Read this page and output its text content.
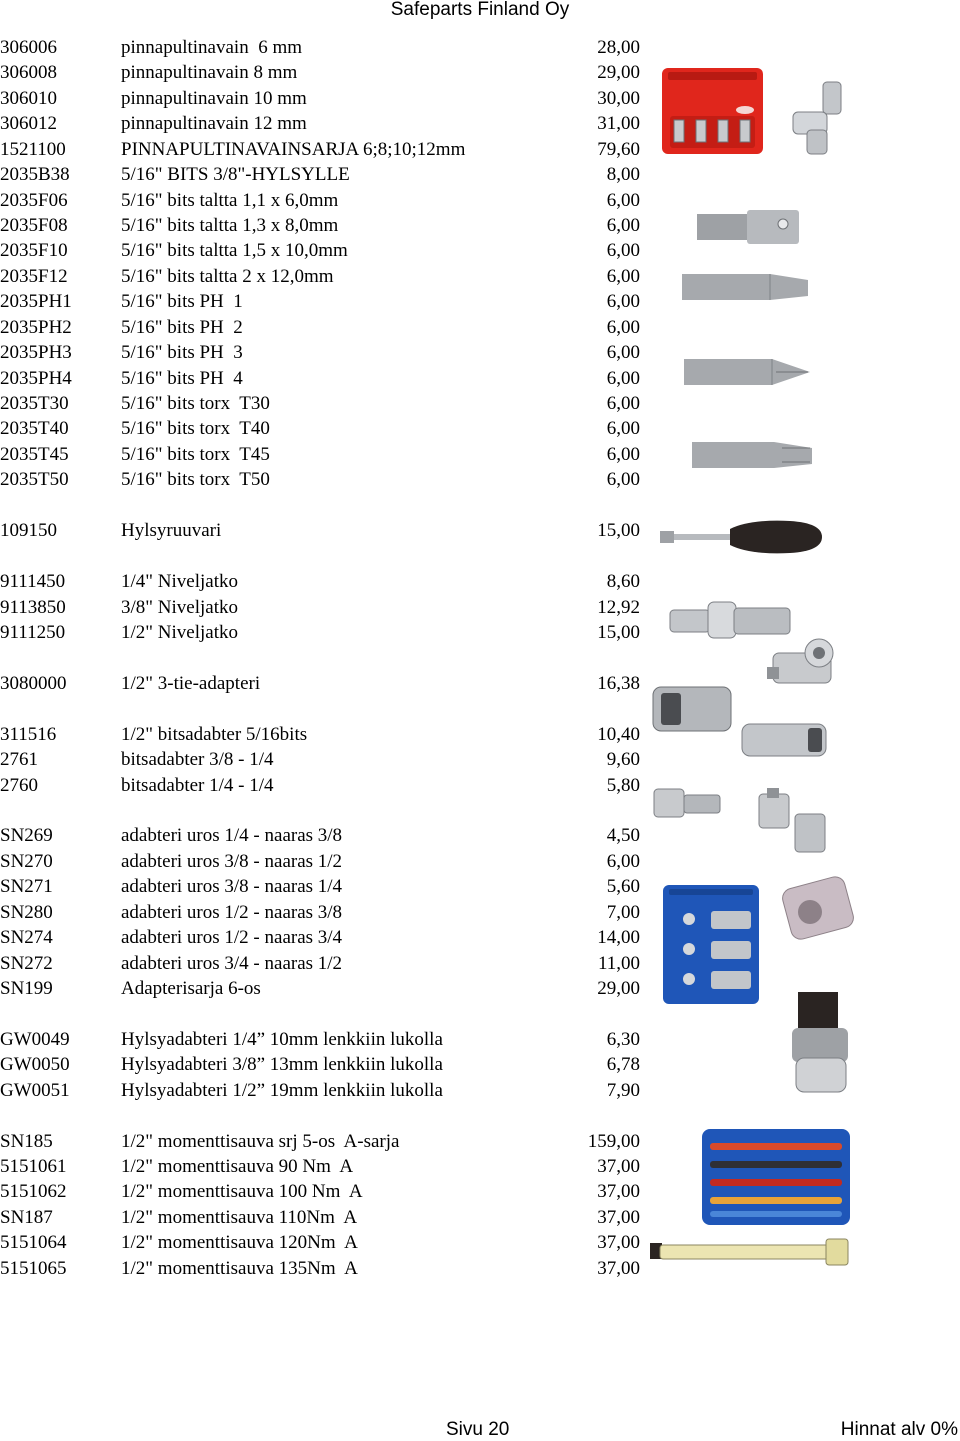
Safeparts Finland Oy
306006	pinnapultinavain  6 mm	28,00
306008	pinnapultinavain 8 mm	29,00
306010	pinnapultinavain 10 mm	30,00
306012	pinnapultinavain 12 mm	31,00
1521100	PINNAPULTINAVAINSARJA 6;8;10;12mm	79,60
2035B38	5/16" BITS 3/8"-HYLSYLLE	8,00
2035F06	5/16" bits taltta 1,1 x 6,0mm	6,00
2035F08	5/16" bits taltta 1,3 x 8,0mm	6,00
2035F10	5/16" bits taltta 1,5 x 10,0mm	6,00
2035F12	5/16" bits taltta 2 x 12,0mm	6,00
2035PH1	5/16" bits PH  1	6,00
2035PH2	5/16" bits PH  2	6,00
2035PH3	5/16" bits PH  3	6,00
2035PH4	5/16" bits PH  4	6,00
2035T30	5/16" bits torx  T30	6,00
2035T40	5/16" bits torx  T40	6,00
2035T45	5/16" bits torx  T45	6,00
2035T50	5/16" bits torx  T50	6,00
109150	Hylsyruuvari	15,00
9111450	1/4" Niveljatko	8,60
9113850	3/8" Niveljatko	12,92
9111250	1/2" Niveljatko	15,00
3080000	1/2" 3-tie-adapteri	16,38
311516	1/2" bitsadabter 5/16bits	10,40
2761	bitsadabter 3/8 - 1/4	9,60
2760	bitsadabter 1/4 - 1/4	5,80
SN269	adabteri uros 1/4 - naaras 3/8	4,50
SN270	adabteri uros 3/8 - naaras 1/2	6,00
SN271	adabteri uros 3/8 - naaras 1/4	5,60
SN280	adabteri uros 1/2 - naaras 3/8	7,00
SN274	adabteri uros 1/2 - naaras 3/4	14,00
SN272	adabteri uros 3/4 - naaras 1/2	11,00
SN199	Adapterisarja 6-os	29,00
GW0049	Hylsyadabteri 1/4” 10mm lenkkiin lukolla	6,30
GW0050	Hylsyadabteri 3/8” 13mm lenkkiin lukolla	6,78
GW0051	Hylsyadabteri 1/2” 19mm lenkkiin lukolla	7,90
SN185	1/2" momenttisauva srj 5-os  A-sarja	159,00
5151061	1/2" momenttisauva 90 Nm  A	37,00
5151062	1/2" momenttisauva 100 Nm  A	37,00
SN187	1/2" momenttisauva 110Nm  A	37,00
5151064	1/2" momenttisauva 120Nm  A	37,00
5151065	1/2" momenttisauva 135Nm  A	37,00
Sivu 20	Hinnat alv 0%
